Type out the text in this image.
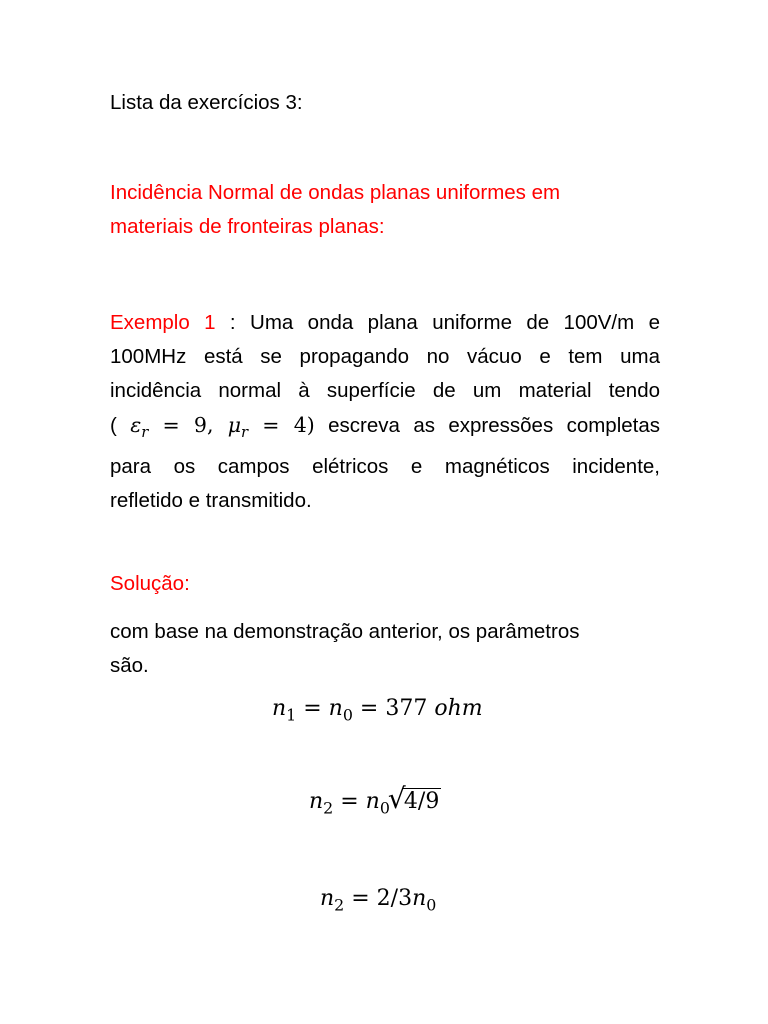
Lista da exercícios 3:

Incidência Normal de ondas planas uniformes em
materiais de fronteiras planas:

Exemplo 1 : Uma onda plana uniforme de 100V/m e
100MHz está se propagando no vácuo e tem uma
incidência normal à superfície de um material tendo
( $\varepsilon_r = 9$, $\mu_r = 4$) escreva as expressões completas
para os campos elétricos e magnéticos incidente,
refletido e transmitido.

Solução:

com base na demonstração anterior, os parâmetros
são.

$n_1 = n_0 = 377$ ohm
$n_2 = n_0$
√
4/9
$n_2 = 2/3n_0$
